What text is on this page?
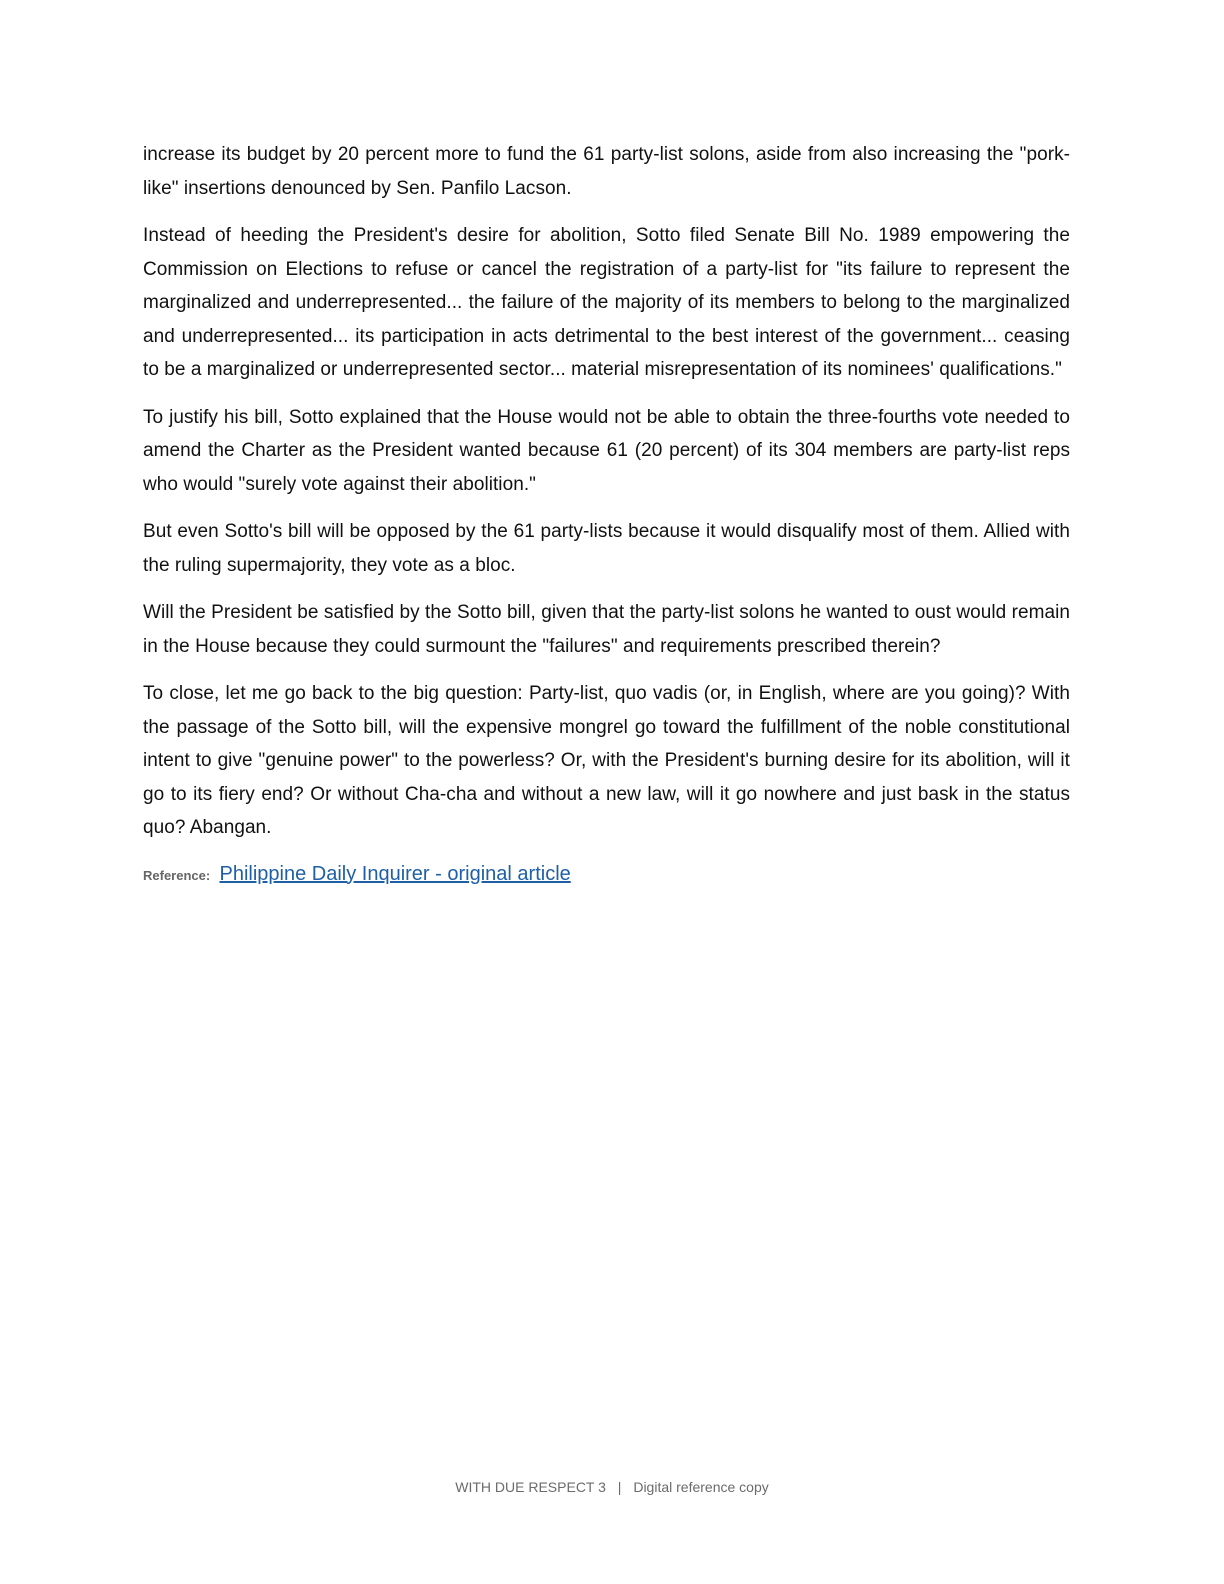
increase its budget by 20 percent more to fund the 61 party-list solons, aside from also increasing the "pork-like" insertions denounced by Sen. Panfilo Lacson.

Instead of heeding the President's desire for abolition, Sotto filed Senate Bill No. 1989 empowering the Commission on Elections to refuse or cancel the registration of a party-list for "its failure to represent the marginalized and underrepresented... the failure of the majority of its members to belong to the marginalized and underrepresented... its participation in acts detrimental to the best interest of the government... ceasing to be a marginalized or underrepresented sector... material misrepresentation of its nominees' qualifications."

To justify his bill, Sotto explained that the House would not be able to obtain the three-fourths vote needed to amend the Charter as the President wanted because 61 (20 percent) of its 304 members are party-list reps who would "surely vote against their abolition."

But even Sotto's bill will be opposed by the 61 party-lists because it would disqualify most of them. Allied with the ruling supermajority, they vote as a bloc.

Will the President be satisfied by the Sotto bill, given that the party-list solons he wanted to oust would remain in the House because they could surmount the "failures" and requirements prescribed therein?

To close, let me go back to the big question: Party-list, quo vadis (or, in English, where are you going)? With the passage of the Sotto bill, will the expensive mongrel go toward the fulfillment of the noble constitutional intent to give "genuine power" to the powerless? Or, with the President's burning desire for its abolition, will it go to its fiery end? Or without Cha-cha and without a new law, will it go nowhere and just bask in the status quo? Abangan.

Reference: Philippine Daily Inquirer - original article
WITH DUE RESPECT 3 | Digital reference copy
